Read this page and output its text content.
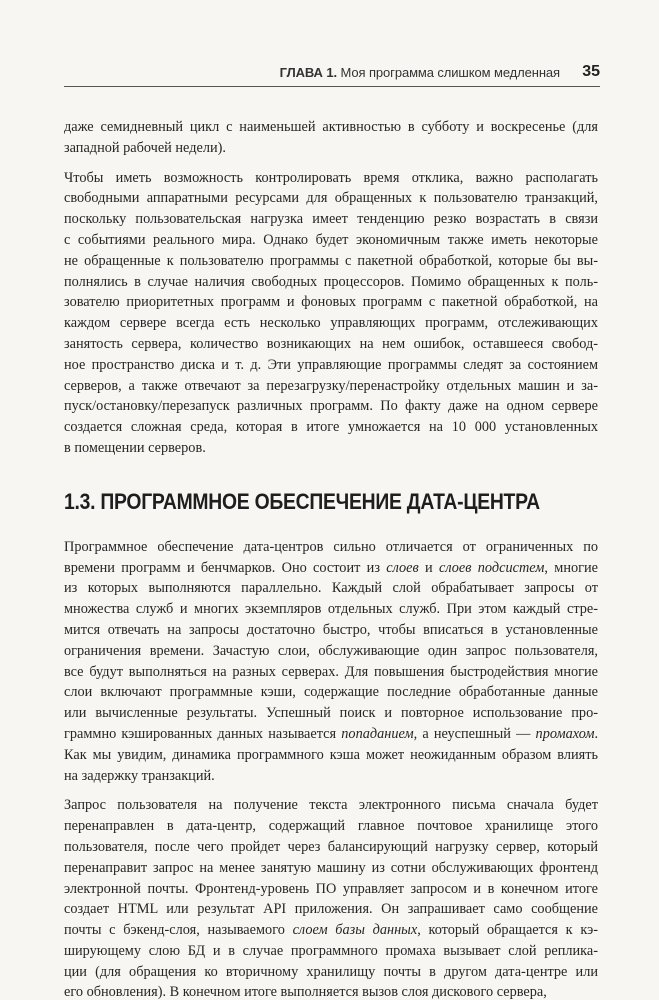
ГЛАВА 1. Моя программа слишком медленная 35

даже семидневный цикл с наименьшей активностью в субботу и воскресенье (для
западной рабочей недели).

Чтобы иметь возможность контролировать время отклика, важно располагать
свободными аппаратными ресурсами для обращенных к пользователю транзакций,
поскольку пользовательская нагрузка имеет тенденцию резко возрастать в связи
с событиями реального мира. Однако будет экономичным также иметь некоторые
не обращенные к пользователю программы с пакетной обработкой, которые бы вы-
полнялись в случае наличия свободных процессоров. Помимо обращенных к поль-
зователю приоритетных программ и фоновых программ с пакетной обработкой, на
каждом сервере всегда есть несколько управляющих программ, отслеживающих
занятость сервера, количество возникающих на нем ошибок, оставшееся свобод-
ное пространство диска и т. д. Эти управляющие программы следят за состоянием
серверов, а также отвечают за перезагрузку/перенастройку отдельных машин и за-
пуск/остановку/перезапуск различных программ. По факту даже на одном сервере
создается сложная среда, которая в итоге умножается на 10 000 установленных
в помещении серверов.

1.3. ПРОГРАММНОЕ ОБЕСПЕЧЕНИЕ ДАТА-ЦЕНТРА

Программное обеспечение дата-центров сильно отличается от ограниченных по
времени программ и бенчмарков. Оно состоит из слоев и слоев подсистем, многие
из которых выполняются параллельно. Каждый слой обрабатывает запросы от
множества служб и многих экземпляров отдельных служб. При этом каждый стре-
мится отвечать на запросы достаточно быстро, чтобы вписаться в установленные
ограничения времени. Зачастую слои, обслуживающие один запрос пользователя,
все будут выполняться на разных серверах. Для повышения быстродействия многие
слои включают программные кэши, содержащие последние обработанные данные
или вычисленные результаты. Успешный поиск и повторное использование про-
граммно кэшированных данных называется попаданием, а неуспешный — промахом.
Как мы увидим, динамика программного кэша может неожиданным образом влиять
на задержку транзакций.

Запрос пользователя на получение текста электронного письма сначала будет
перенаправлен в дата-центр, содержащий главное почтовое хранилище этого
пользователя, после чего пройдет через балансирующий нагрузку сервер, который
перенаправит запрос на менее занятую машину из сотни обслуживающих фронтенд
электронной почты. Фронтенд-уровень ПО управляет запросом и в конечном итоге
создает HTML или результат API приложения. Он запрашивает само сообщение
почты с бэкенд-слоя, называемого слоем базы данных, который обращается к кэ-
ширующему слою БД и в случае программного промаха вызывает слой реплика-
ции (для обращения ко вторичному хранилищу почты в другом дата-центре или
его обновления). В конечном итоге выполняется вызов слоя дискового сервера,
